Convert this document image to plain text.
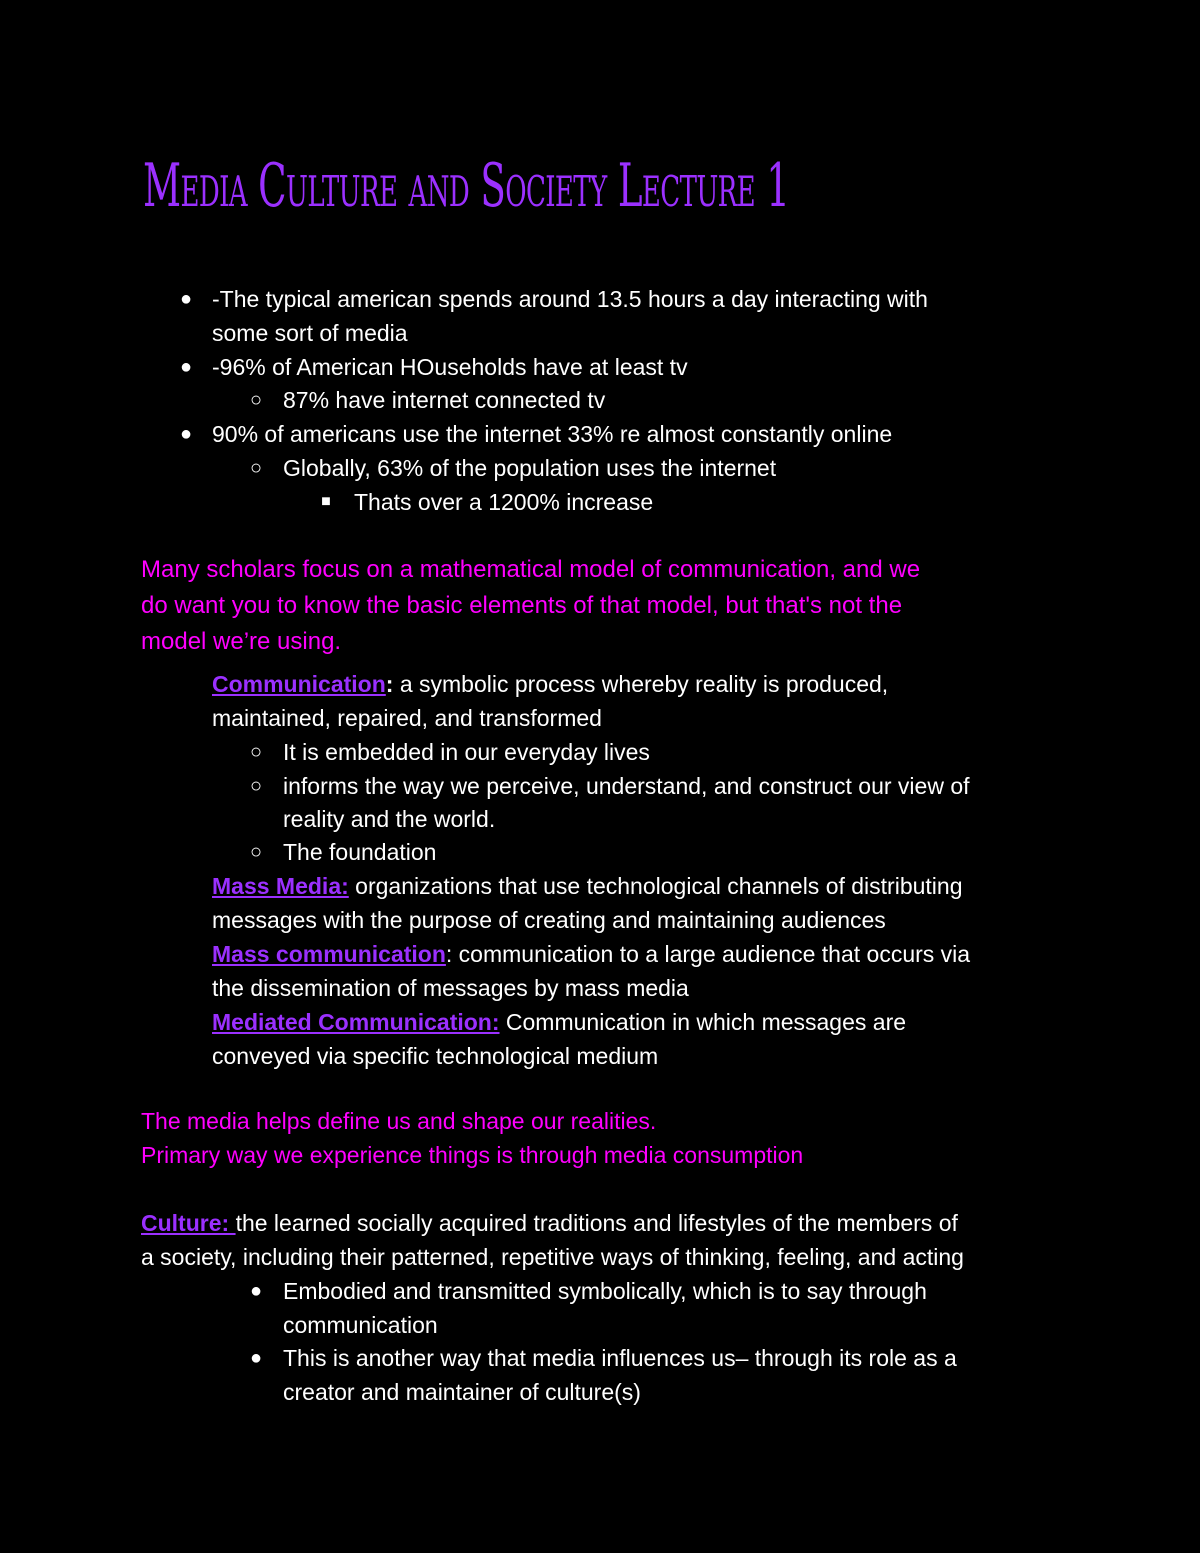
Media Culture and Society Lecture 1
● -The typical american spends around 13.5 hours a day interacting with
some sort of media
● -96% of American HOuseholds have at least tv
○ 87% have internet connected tv
● 90% of americans use the internet 33% re almost constantly online
○ Globally, 63% of the population uses the internet
■ Thats over a 1200% increase
Many scholars focus on a mathematical model of communication, and we
do want you to know the basic elements of that model, but that's not the
model we’re using.
Communication: a symbolic process whereby reality is produced,
maintained, repaired, and transformed
○ It is embedded in our everyday lives
○ informs the way we perceive, understand, and construct our view of
reality and the world.
○ The foundation
Mass Media: organizations that use technological channels of distributing
messages with the purpose of creating and maintaining audiences
Mass communication: communication to a large audience that occurs via
the dissemination of messages by mass media
Mediated Communication: Communication in which messages are
conveyed via specific technological medium
The media helps define us and shape our realities.
Primary way we experience things is through media consumption
Culture: the learned socially acquired traditions and lifestyles of the members of
a society, including their patterned, repetitive ways of thinking, feeling, and acting
● Embodied and transmitted symbolically, which is to say through
communication
● This is another way that media influences us– through its role as a
creator and maintainer of culture(s)
